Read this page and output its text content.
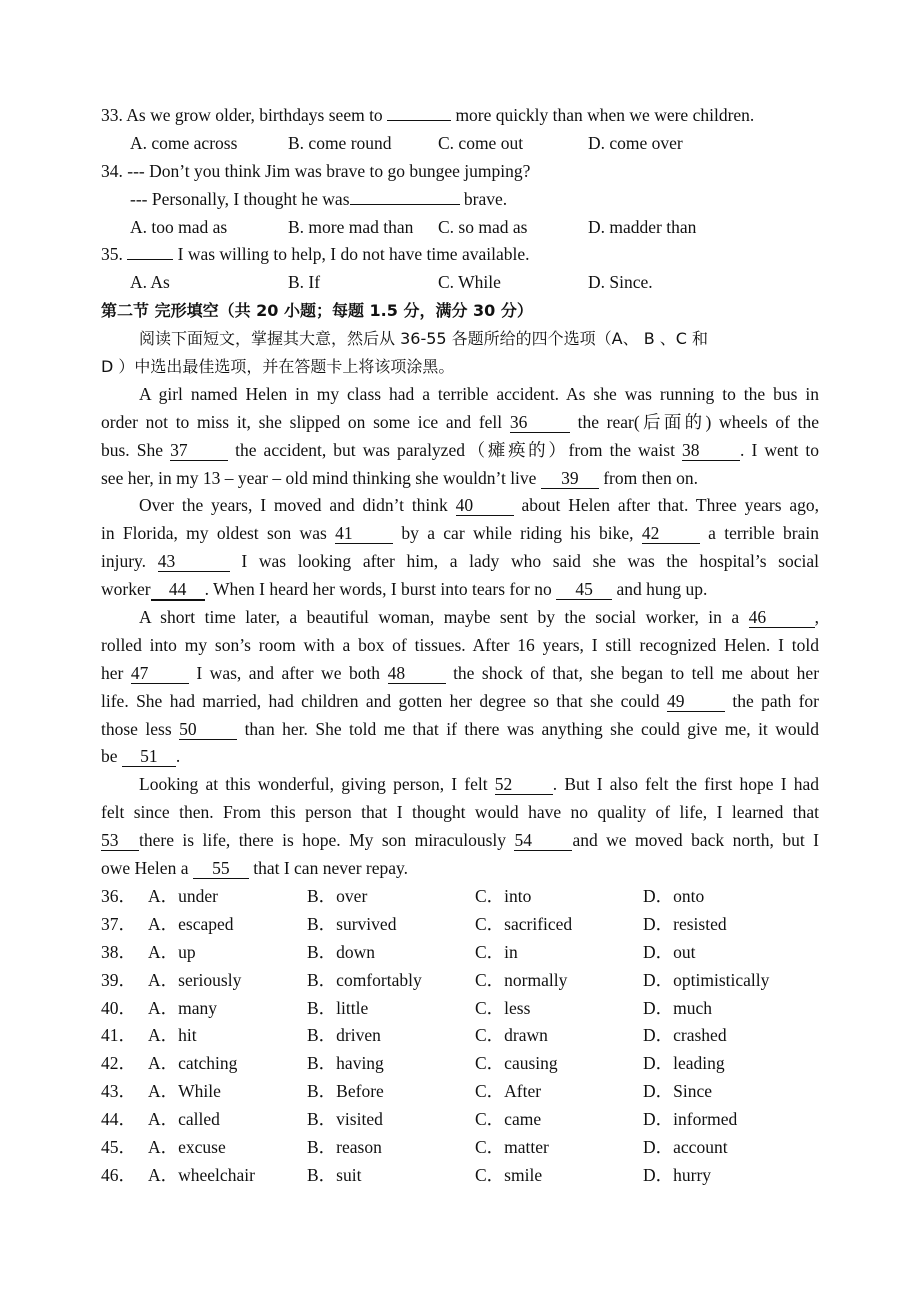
33. As we grow older, birthdays seem to	more quickly than when we were children.
A. come across	B. come round	C. come out	D. come over
34. --- Don’t you think Jim was brave to go bungee jumping?
--- Personally, I thought he was	brave.
A. too mad as	B. more mad than	C. so mad as	D. madder than
35.	I was willing to help, I do not have time available.
A. As	B. If	C. While	D. Since.
第二节 完形填空（共 20 小题；每题 1.5 分，满分 30 分）
阅读下面短文，掌握其大意，然后从 36-55 各题所给的四个选项（A、 B 、C 和
D ）中选出最佳选项，并在答题卡上将该项涂黑。
A girl named Helen in my class had a terrible accident. As she was running to the bus in
order not to miss it, she slipped on some ice and fell 36	the rear(后面的) wheels of the
bus. She 37	the accident, but was paralyzed（瘫痪的）from the waist 38 . I went to
see her, in my 13 – year – old mind thinking she wouldn’t live 39 from then on.
Over the years, I moved and didn’t think 40	about Helen after that. Three years ago,
in Florida, my oldest son was 41	by a car while riding his bike, 42	a terrible brain
injury. 43	I was looking after him, a lady who said she was the hospital’s social
worker 44 . When I heard her words, I burst into tears for no 45 and hung up.
A short time later, a beautiful woman, maybe sent by the social worker, in a 46	,
rolled into my son’s room with a box of tissues. After 16 years, I still recognized Helen. I told
her 47	I was, and after we both 48	the shock of that, she began to tell me about her
life. She had married, had children and gotten her degree so that she could 49	the path for
those less 50	than her. She told me that if there was anything she could give me, it would
be 51 .
Looking at this wonderful, giving person, I felt 52 . But I also felt the first hope I had
felt since then. From this person that I thought would have no quality of life, I learned that
53 there is life, there is hope. My son miraculously 54 and we moved back north, but I
owe Helen a 55 that I can never repay.
36． A．under	B．over	C．into	D．onto
37． A．escaped	B．survived	C．sacrificed	D．resisted
38． A．up	B．down	C．in	D．out
39． A．seriously	B．comfortably	C．normally	D．optimistically
40． A．many	B．little	C．less	D．much
41． A．hit	B．driven	C．drawn	D．crashed
42． A．catching	B．having	C．causing	D．leading
43． A．While	B．Before	C．After	D．Since
44． A．called	B．visited	C．came	D．informed
45． A．excuse	B．reason	C．matter	D．account
46． A．wheelchair	B．suit	C．smile	D．hurry
